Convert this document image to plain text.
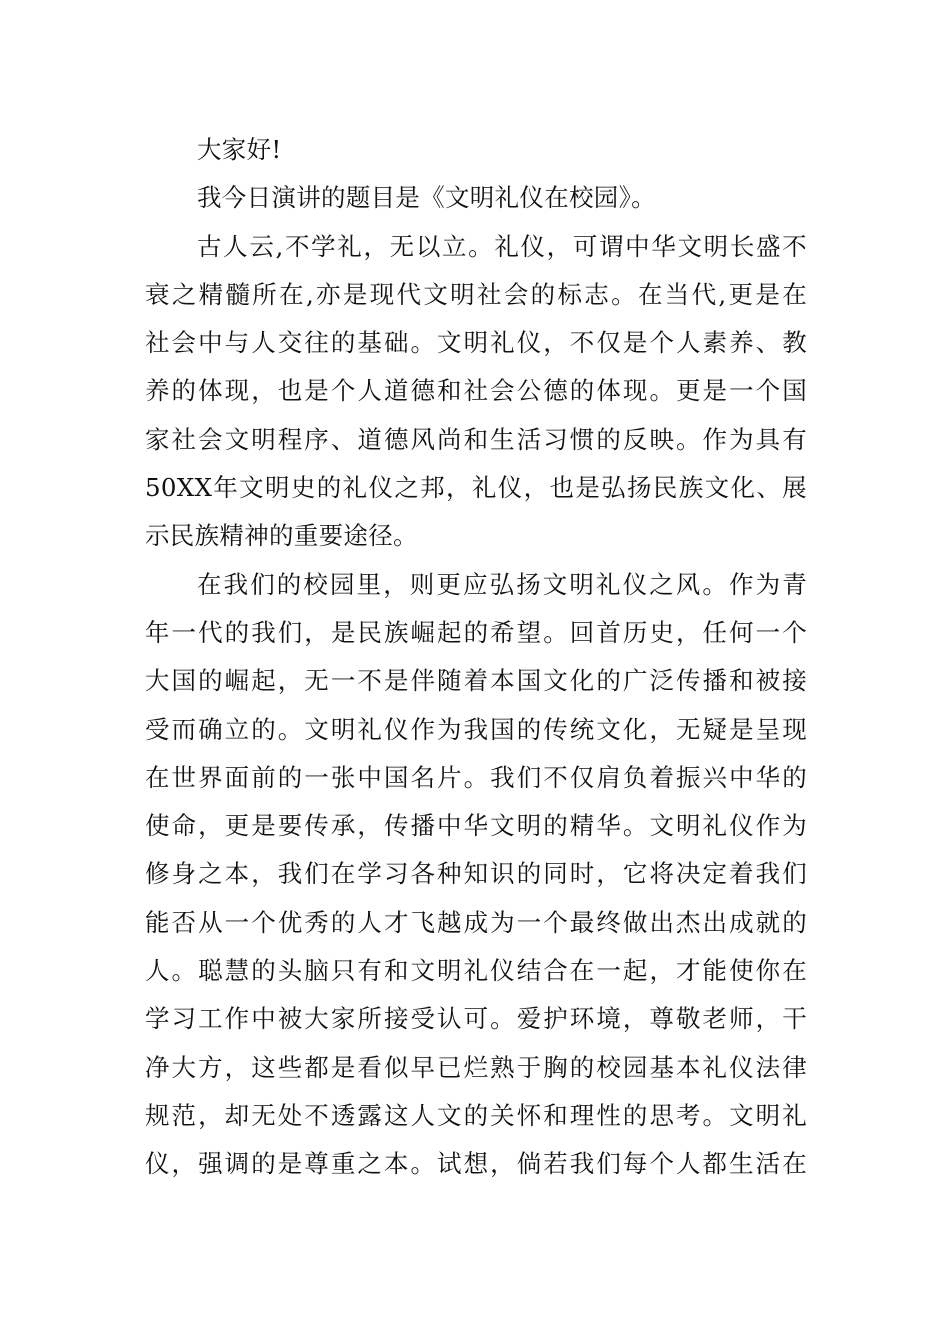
大家好!
我今日演讲的题目是《文明礼仪在校园》。
古人云,不学礼，无以立。礼仪，可谓中华文明长盛不
衰之精髓所在,亦是现代文明社会的标志。在当代,更是在
社会中与人交往的基础。文明礼仪，不仅是个人素养、教
养的体现，也是个人道德和社会公德的体现。更是一个国
家社会文明程序、道德风尚和生活习惯的反映。作为具有
50XX年文明史的礼仪之邦，礼仪，也是弘扬民族文化、展
示民族精神的重要途径。
在我们的校园里，则更应弘扬文明礼仪之风。作为青
年一代的我们，是民族崛起的希望。回首历史，任何一个
大国的崛起，无一不是伴随着本国文化的广泛传播和被接
受而确立的。文明礼仪作为我国的传统文化，无疑是呈现
在世界面前的一张中国名片。我们不仅肩负着振兴中华的
使命，更是要传承，传播中华文明的精华。文明礼仪作为
修身之本，我们在学习各种知识的同时，它将决定着我们
能否从一个优秀的人才飞越成为一个最终做出杰出成就的
人。聪慧的头脑只有和文明礼仪结合在一起，才能使你在
学习工作中被大家所接受认可。爱护环境，尊敬老师，干
净大方，这些都是看似早已烂熟于胸的校园基本礼仪法律
规范，却无处不透露这人文的关怀和理性的思考。文明礼
仪，强调的是尊重之本。试想，倘若我们每个人都生活在
